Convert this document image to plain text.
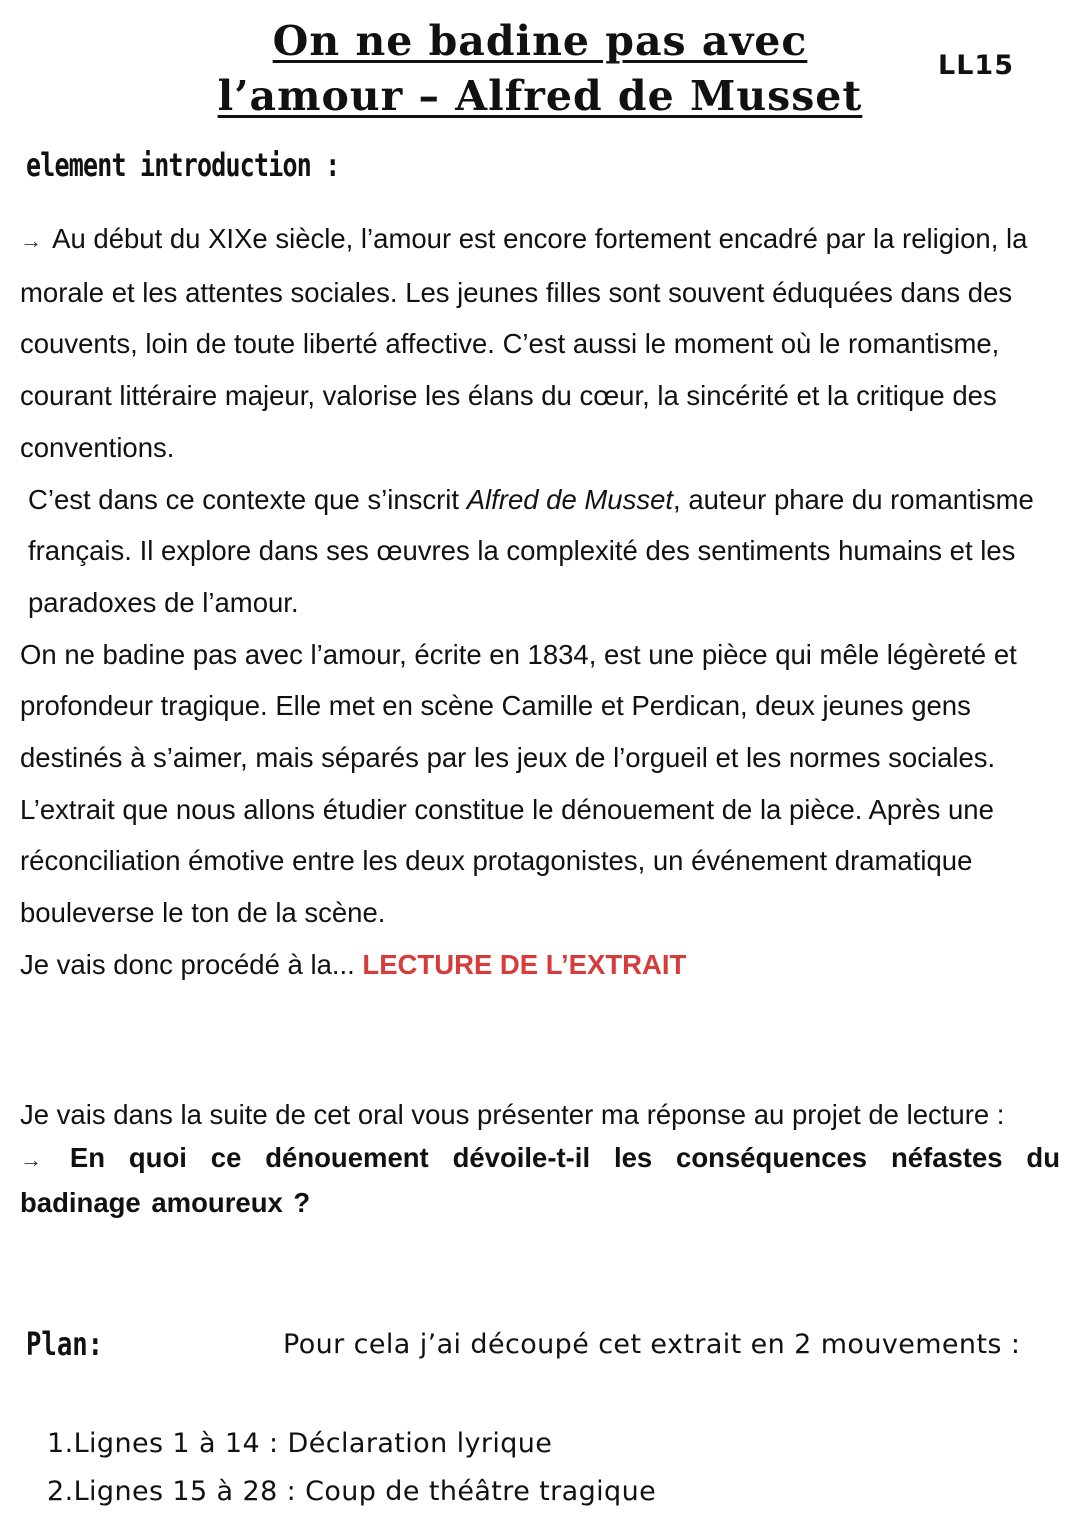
On ne badine pas avec
l’amour – Alfred de Musset
LL15
element introduction :

→ Au début du XIXe siècle, l’amour est encore fortement encadré par la religion, la morale et les attentes sociales. Les jeunes filles sont souvent éduquées dans des couvents, loin de toute liberté affective. C’est aussi le moment où le romantisme, courant littéraire majeur, valorise les élans du cœur, la sincérité et la critique des conventions.

C’est dans ce contexte que s’inscrit Alfred de Musset, auteur phare du romantisme français. Il explore dans ses œuvres la complexité des sentiments humains et les paradoxes de l’amour.

On ne badine pas avec l’amour, écrite en 1834, est une pièce qui mêle légèreté et profondeur tragique. Elle met en scène Camille et Perdican, deux jeunes gens destinés à s’aimer, mais séparés par les jeux de l’orgueil et les normes sociales.

L’extrait que nous allons étudier constitue le dénouement de la pièce. Après une réconciliation émotive entre les deux protagonistes, un événement dramatique bouleverse le ton de la scène.

Je vais donc procédé à la... LECTURE DE L’EXTRAIT

Je vais dans la suite de cet oral vous présenter ma réponse au projet de lecture :

→ En quoi ce dénouement dévoile-t-il les conséquences néfastes du badinage amoureux ?

Plan:	Pour cela j’ai découpé cet extrait en 2 mouvements :
1.Lignes 1 à 14 : Déclaration lyrique
2.Lignes 15 à 28 : Coup de théâtre tragique
